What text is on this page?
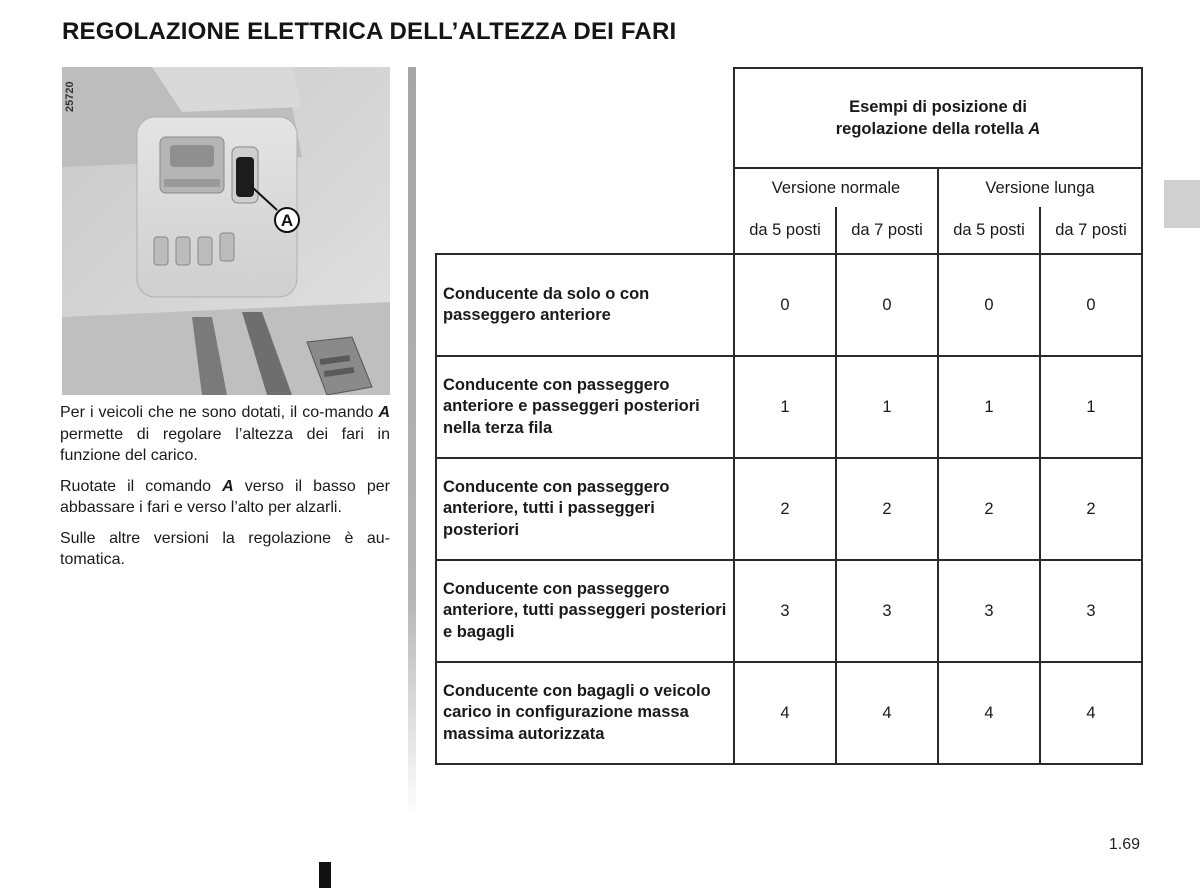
REGOLAZIONE ELETTRICA DELL’ALTEZZA DEI FARI
A
25720

Per i veicoli che ne sono dotati, il co-mando A permette di regolare l’altezza dei fari in funzione del carico.

Ruotate il comando A verso il basso per abbassare i fari e verso l’alto per alzarli.

Sulle altre versioni la regolazione è au-tomatica.

	Esempi di posizione di
regolazione della rotella A			
	Versione normale		Versione lunga	
	da 5 posti	da 7 posti	da 5 posti	da 7 posti
Conducente da solo o con passeggero anteriore	0	0	0	0
Conducente con passeggero anteriore e passeggeri posteriori nella terza fila	1	1	1	1
Conducente con passeggero anteriore, tutti i passeggeri posteriori	2	2	2	2
Conducente con passeggero anteriore, tutti passeggeri posteriori e bagagli	3	3	3	3
Conducente con bagagli o veicolo carico in configurazione massa massima autorizzata	4	4	4	4
1.69
